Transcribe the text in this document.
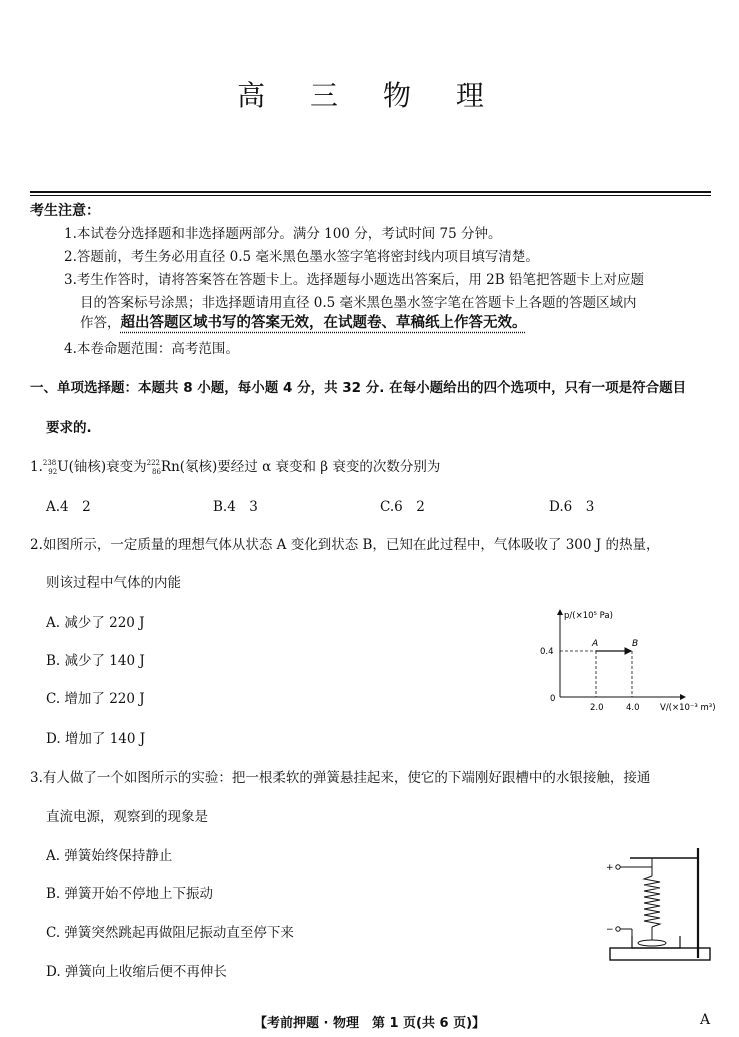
高 三 物 理
考生注意：
1.本试卷分选择题和非选择题两部分。满分 100 分，考试时间 75 分钟。
2.答题前，考生务必用直径 0.5 毫米黑色墨水签字笔将密封线内项目填写清楚。
3.考生作答时，请将答案答在答题卡上。选择题每小题选出答案后，用 2B 铅笔把答题卡上对应题
目的答案标号涂黑；非选择题请用直径 0.5 毫米黑色墨水签字笔在答题卡上各题的答题区域内
作答，超出答题区域书写的答案无效，在试题卷、草稿纸上作答无效。
4.本卷命题范围：高考范围。
一、单项选择题：本题共 8 小题，每小题 4 分，共 32 分. 在每小题给出的四个选项中，只有一项是符合题目
要求的.
1.$^{238}_{92}$U(铀核)衰变为$^{222}_{86}$Rn(氡核)要经过 α 衰变和 β 衰变的次数分别为
A.4　2	B.4　3	C.6　2	D.6　3
2.如图所示，一定质量的理想气体从状态 A 变化到状态 B，已知在此过程中，气体吸收了 300 J 的热量，
则该过程中气体的内能
A. 减少了 220 J
B. 减少了 140 J
C. 增加了 220 J
D. 增加了 140 J
p/(×10⁵ Pa)
V/(×10⁻³ m³)
0.4
0
2.0	4.0
A	B
3.有人做了一个如图所示的实验：把一根柔软的弹簧悬挂起来，使它的下端刚好跟槽中的水银接触，接通
直流电源，观察到的现象是
A. 弹簧始终保持静止
B. 弹簧开始不停地上下振动
C. 弹簧突然跳起再做阻尼振动直至停下来
D. 弹簧向上收缩后便不再伸长
+
−
【考前押题 · 物理　第 1 页(共 6 页)】	A
